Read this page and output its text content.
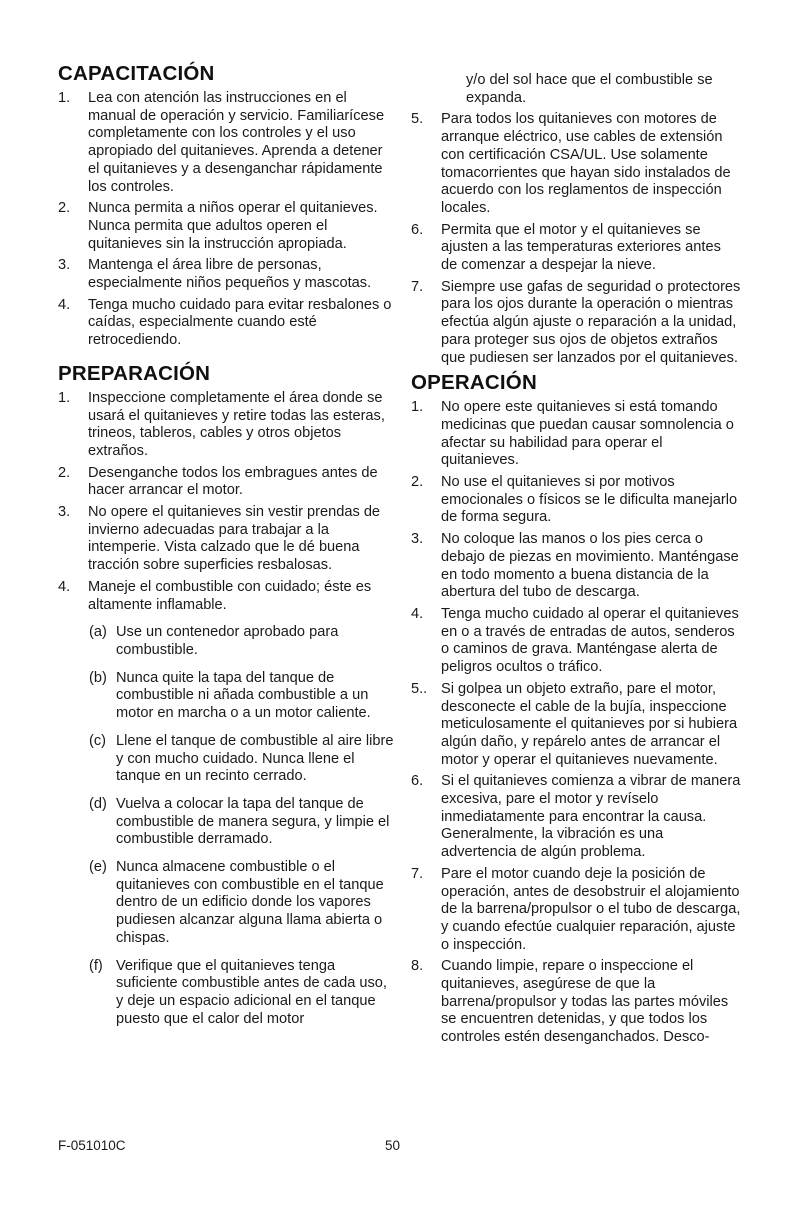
CAPACITACIÓN
1.	Lea con atención las instrucciones en el manual de operación y servicio. Familiarícese completamente con los controles y el uso apropiado del quitanieves. Aprenda a detener el quitanieves y a desenganchar rápidamente los controles.
2.	Nunca permita a niños operar el quitanieves. Nunca permita que adultos operen el quitanieves sin la instrucción apropiada.
3.	Mantenga el área libre de personas, especialmente niños pequeños y mascotas.
4.	Tenga mucho cuidado para evitar resbalones o caídas, especialmente cuando esté retrocediendo.
PREPARACIÓN
1.	Inspeccione completamente el área donde se usará el quitanieves y retire todas las esteras, trineos, tableros, cables y otros objetos extraños.
2.	Desenganche todos los embragues antes de hacer arrancar el motor.
3.	No opere el quitanieves sin vestir prendas de invierno adecuadas para trabajar a la intemperie. Vista calzado que le dé buena tracción sobre superficies resbalosas.
4.	Maneje el combustible con cuidado; éste es altamente inflamable.
(a) Use un contenedor aprobado para combustible.
(b) Nunca quite la tapa del tanque de combustible ni añada combustible a un motor en marcha o a un motor caliente.
(c) Llene el tanque de combustible al aire libre y con mucho cuidado. Nunca llene el tanque en un recinto cerrado.
(d) Vuelva a colocar la tapa del tanque de combustible de manera segura, y limpie el combustible derramado.
(e) Nunca almacene combustible o el quitanieves con combustible en el tanque dentro de un edificio donde los vapores pudiesen alcanzar alguna llama abierta o chispas.
(f) Verifique que el quitanieves tenga suficiente combustible antes de cada uso, y deje un espacio adicional en el tanque puesto que el calor del motor
y/o del sol hace que el combustible se expanda.
5.	Para todos los quitanieves con motores de arranque eléctrico, use cables de extensión con certificación CSA/UL. Use solamente tomacorrientes que hayan sido instalados de acuerdo con los reglamentos de inspección locales.
6.	Permita que el motor y el quitanieves se ajusten a las temperaturas exteriores antes de comenzar a despejar la nieve.
7.	Siempre use gafas de seguridad o protectores para los ojos durante la operación o mientras efectúa algún ajuste o reparación a la unidad, para proteger sus ojos de objetos extraños que pudiesen ser lanzados por el quitanieves.
OPERACIÓN
1.	No opere este quitanieves si está tomando medicinas que puedan causar somnolencia o afectar su habilidad para operar el quitanieves.
2.	No use el quitanieves si por motivos emocionales o físicos se le dificulta manejarlo de forma segura.
3.	No coloque las manos o los pies cerca o debajo de piezas en movimiento. Manténgase en todo momento a buena distancia de la abertura del tubo de descarga.
4.	Tenga mucho cuidado al operar el quitanieves en o a través de entradas de autos, senderos o caminos de grava. Manténgase alerta de peligros ocultos o tráfico.
5.. Si golpea un objeto extraño, pare el motor, desconecte el cable de la bujía, inspeccione meticulosamente el quitanieves por si hubiera algún daño, y repárelo antes de arrancar el motor y operar el quitanieves nuevamente.
6.	Si el quitanieves comienza a vibrar de manera excesiva, pare el motor y revíselo inmediatamente para encontrar la causa. Generalmente, la vibración es una advertencia de algún problema.
7.	Pare el motor cuando deje la posición de operación, antes de desobstruir el alojamiento de la barrena/propulsor o el tubo de descarga, y cuando efectúe cualquier reparación, ajuste o inspección.
8.	Cuando limpie, repare o inspeccione el quitanieves, asegúrese de que la barrena/propulsor y todas las partes móviles se encuentren detenidas, y que todos los controles estén desenganchados. Desco-
F-051010C	50
